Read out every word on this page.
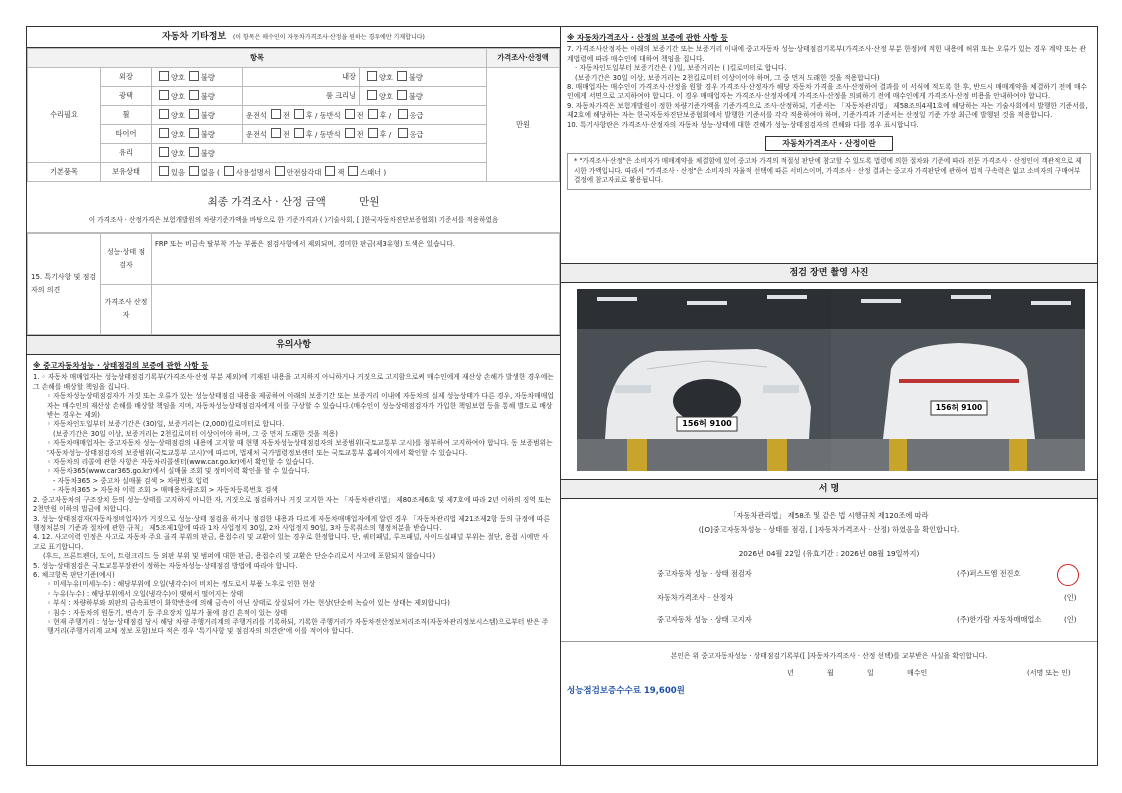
자동차 기타정보 (이 항목은 매수인이 자동차가격조사·산정을 원하는 경우에만 기재합니다)
항목					가격조사·산정액
수리필요	외장	양호 불량	내장	양호 불량	만원
	광택	양호 불량	룸 크리닝	양호 불량	
	휠	양호 불량	운전석 전 후 / 동반석 전 후 / 응급		
	타이어	양호 불량	운전석 전 후 / 동반석 전 후 / 응급		
	유리	양호 불량			
기본품목	보유상태	있음 없음 ( 사용설명서 안전삼각대 잭 스패너 )			
최종 가격조사 · 산정 금액	만원
이 가격조사 · 산정가격은 보험개발원의 차량기준가액을 바탕으로 한 기준가격과 ( )기술사회, [ ]한국자동차진단보증협회) 기준서를 적용하였음
15. 특기사항 및 점검자의 의견	성능·상태 점검자	FRP 또는 비금속 탈부착 가능 부품은 점검사항에서 제외되며, 경미한 판금(제3유형) 도색은 있습니다.
	가격조사 산정자	
유의사항
※ 중고자동차성능 · 상태점검의 보증에 관한 사항 등

1. ◦ 자동차 매매업자는 성능상태점검기록부(가격조사·산정 부분 제외)에 기재된 내용을 고지하지 아니하거나 거짓으로 고지함으로써 매수인에게 재산상 손해가 발생한 경우에는 그 손해를 배상할 책임을 집니다.

◦ 자동차성능상태점검자가 거짓 또는 오류가 있는 성능상태점검 내용을 제공하여 아래의 보증기간 또는 보증거리 이내에 자동차의 실제 성능상태가 다른 경우, 자동차매매업자는 매수인의 재산상 손해를 배상할 책임을 지며, 자동차성능상태점검자에게 이를 구상할 수 있습니다.(매수인이 성능상태점검자가 가입한 책임보험 등을 통해 별도로 배상받는 경우는 제외)

◦ 자동차인도일부터 보증기간은 (30)일, 보증거리는 (2,000)킬로미터로 합니다.

(보증기간은 30일 이상, 보증거리는 2천킬로미터 이상이어야 하며, 그 중 먼저 도래한 것을 적용)

◦ 자동차매매업자는 중고자동차 성능·상태점검의 내용에 고지할 때 현행 자동차성능상태점검자의 보증범위(국토교통부 고시)를 첨부하여 고지하여야 합니다. 동 보증범위는 '자동차성능·상태점검자의 보증범위(국토교통부 고시)'에 따르며, 법제처 국가법령정보센터 또는 국토교통부 홈페이지에서 확인할 수 있습니다.

◦ 자동차의 리콜에 관한 사항은 자동차리콜센터(www.car.go.kr)에서 확인할 수 있습니다.

◦ 자동차365(www.car365.go.kr)에서 실매물 조회 및 정비이력 확인을 할 수 있습니다.

- 자동차365 > 중고차 실매물 검색 > 차량번호 입력

- 자동차365 > 자동차 이력 조회 > 매매용차량조회 > 자동차등록번호 검색

2. 중고자동차의 구조장치 등의 성능·상태를 고지하지 아니한 자, 거짓으로 점검하거나 거짓 고지한 자는 「자동차관리법」 제80조제6호 및 제7호에 따라 2년 이하의 징역 또는 2천만원 이하의 벌금에 처합니다.

3. 성능·상태점검자(자동차정비업자)가 거짓으로 성능·상태 점검을 하거나 점검한 내용과 다르게 자동차매매업자에게 알린 경우 「자동차관리법 제21조제2항 등의 규정에 따른 행정처분의 기준과 절차에 관한 규칙」 제5조제1항에 따라 1차 사업정지 30일, 2차 사업정지 90일, 3차 등록취소의 행정처분을 받습니다.

4. 12. 사고이력 인정은 사고로 자동차 주요 골격 부위의 판금, 용접수리 및 교환이 있는 경우로 한정합니다. 단, 쿼터패널, 루프패널, 사이드실패널 부위는 절단, 용접 시에만 사고로 표기합니다.

(후드, 프론트펜더, 도어, 트렁크리드 등 외판 부위 및 범퍼에 대한 판금, 용접수리 및 교환은 단순수리로서 사고에 포함되지 않습니다)

5. 성능·상태점검은 국토교통부장관이 정하는 자동차성능·상태점검 방법에 따라야 합니다.

6. 체크항목 판단기준(예시)

◦ 미세누유(미세누수) : 해당부위에 오일(냉각수)이 비치는 정도로서 부품 노후로 인한 현상

◦ 누유(누수) : 해당부위에서 오일(냉각수)이 맺혀서 떨어지는 상태

◦ 부식 : 차량하부와 외판의 금속표면이 화학반응에 의해 금속이 아닌 상태로 상실되어 가는 현상(단순히 녹슬어 있는 상태는 제외합니다)

◦ 침수 : 자동차의 원동기, 변속기 등 주요장치 일부가 물에 잠긴 흔적이 있는 상태

◦ 현재 주행거리 : 성능·상태점검 당시 해당 차량 주행거리계의 주행거리를 기록하되, 기록한 주행거리가 자동차전산정보처리조직(자동차관리정보시스템)으로부터 받은 주행거리(주행거리계 교체 정보 포함)보다 적은 경우 '특기사항 및 점검자의 의견란'에 이를 적어야 합니다.

※ 자동차가격조사 · 산정의 보증에 관한 사항 등

7. 가격조사산정자는 아래의 보증기간 또는 보증거리 이내에 중고자동차 성능·상태점검기록부(가격조사·산정 부분 한정)에 적힌 내용에 허위 또는 오류가 있는 경우 계약 또는 관계법령에 따라 매수인에 대하여 책임을 집니다.

· 자동차인도일부터 보증기간은 ( )일, 보증거리는 ( )킬로미터로 합니다.

(보증기간은 30일 이상, 보증거리는 2천킬로미터 이상이어야 하며, 그 중 먼저 도래한 것을 적용합니다)

8. 매매업자는 매수인이 가격조사·산정을 원할 경우 가격조사·산정자가 해당 자동차 가격을 조사·산정하여 결과를 이 서식에 적도록 한 후, 반드시 매매계약을 체결하기 전에 매수인에게 서면으로 고지하여야 합니다. 이 경우 매매업자는 가격조사·산정자에게 가격조사·산정을 의뢰하기 전에 매수인에게 가격조사·산정 비용을 안내하여야 합니다.

9. 자동차가격은 보험개발원이 정한 차량기준가액을 기준가격으로 조사·산정하되, 기준서는 「자동차관리법」 제58조의4제1호에 해당하는 자는 기술사회에서 발행한 기준서를, 제2호에 해당하는 자는 한국자동차진단보증협회에서 발행한 기준서를 각각 적용하여야 하며, 기준가격과 기준서는 산정일 기준 가장 최근에 발행된 것을 적용합니다.

10. 특기사항란은 가격조사·산정자의 자동차 성능·상태에 대한 견해가 성능·상태점검자의 견해와 다를 경우 표시합니다.

자동차가격조사 · 산정이란
* "가격조사·산정"은 소비자가 매매계약을 체결함에 있어 중고차 가격의 적절성 판단에 참고할 수 있도록 법령에 의한 절차와 기준에 따라 전문 가격조사 · 산정인이 객관적으로 제시한 가액입니다. 따라서 "가격조사 · 산정"은 소비자의 자율적 선택에 따른 서비스이며, 가격조사 · 산정 결과는 중고자 가격판단에 관하여 법적 구속력은 없고 소비자의 구매여부 결정에 참고자료로 활용됩니다.
점검 장면 촬영 사진
156허 9100
156허 9100
서 명
「자동차관리법」 제58조 및 같은 법 시행규칙 제120조에 따라
([O]중고자동차성능 · 상태를 점검, [ ]자동차가격조사 · 산정) 하였음을 확인합니다.
2026년 04월 22일 (유효기간 : 2026년 08월 19일까지)
중고자동차 성능 · 상태 점검자	(주)퍼스트엠 전진호
자동차가격조사 · 산정자	(인)
중고자동차 성능 · 상태 고지자	(주)한가람 자동차매매업소	(인)
본인은 위 중고자동차성능 · 상태점검기록부([ ]자동차가격조사 · 산정 선택)를 교부받은 사실을 확인합니다.
년	월	일	매수인	(서명 또는 인)
성능점검보증수수료 19,600원
